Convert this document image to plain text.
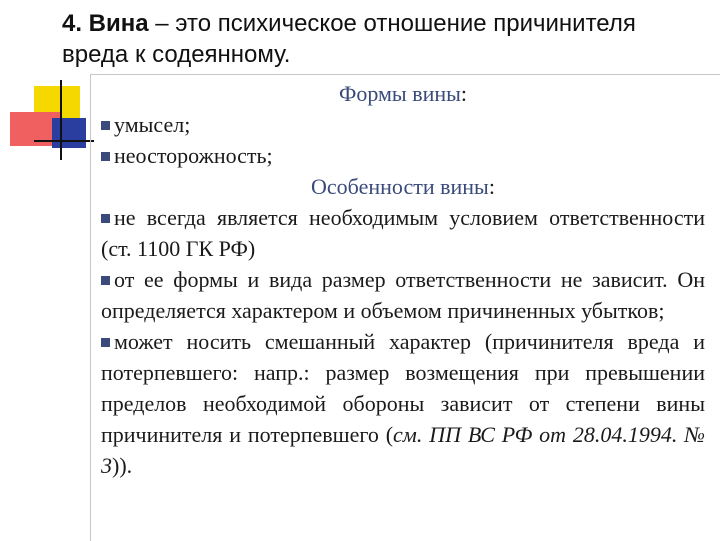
4. Вина – это психическое отношение причинителя вреда к содеянному.
Формы вины:
умысел;
неосторожность;
Особенности вины:
не всегда является необходимым условием ответственности (ст. 1100 ГК РФ)
от ее формы и вида размер ответственности не зависит. Он определяется характером и объемом причиненных убытков;
может носить смешанный характер (причинителя вреда и потерпевшего: напр.: размер возмещения при превышении пределов необходимой обороны зависит от степени вины причинителя и потерпевшего (см. ПП ВС РФ от 28.04.1994. № 3)).
